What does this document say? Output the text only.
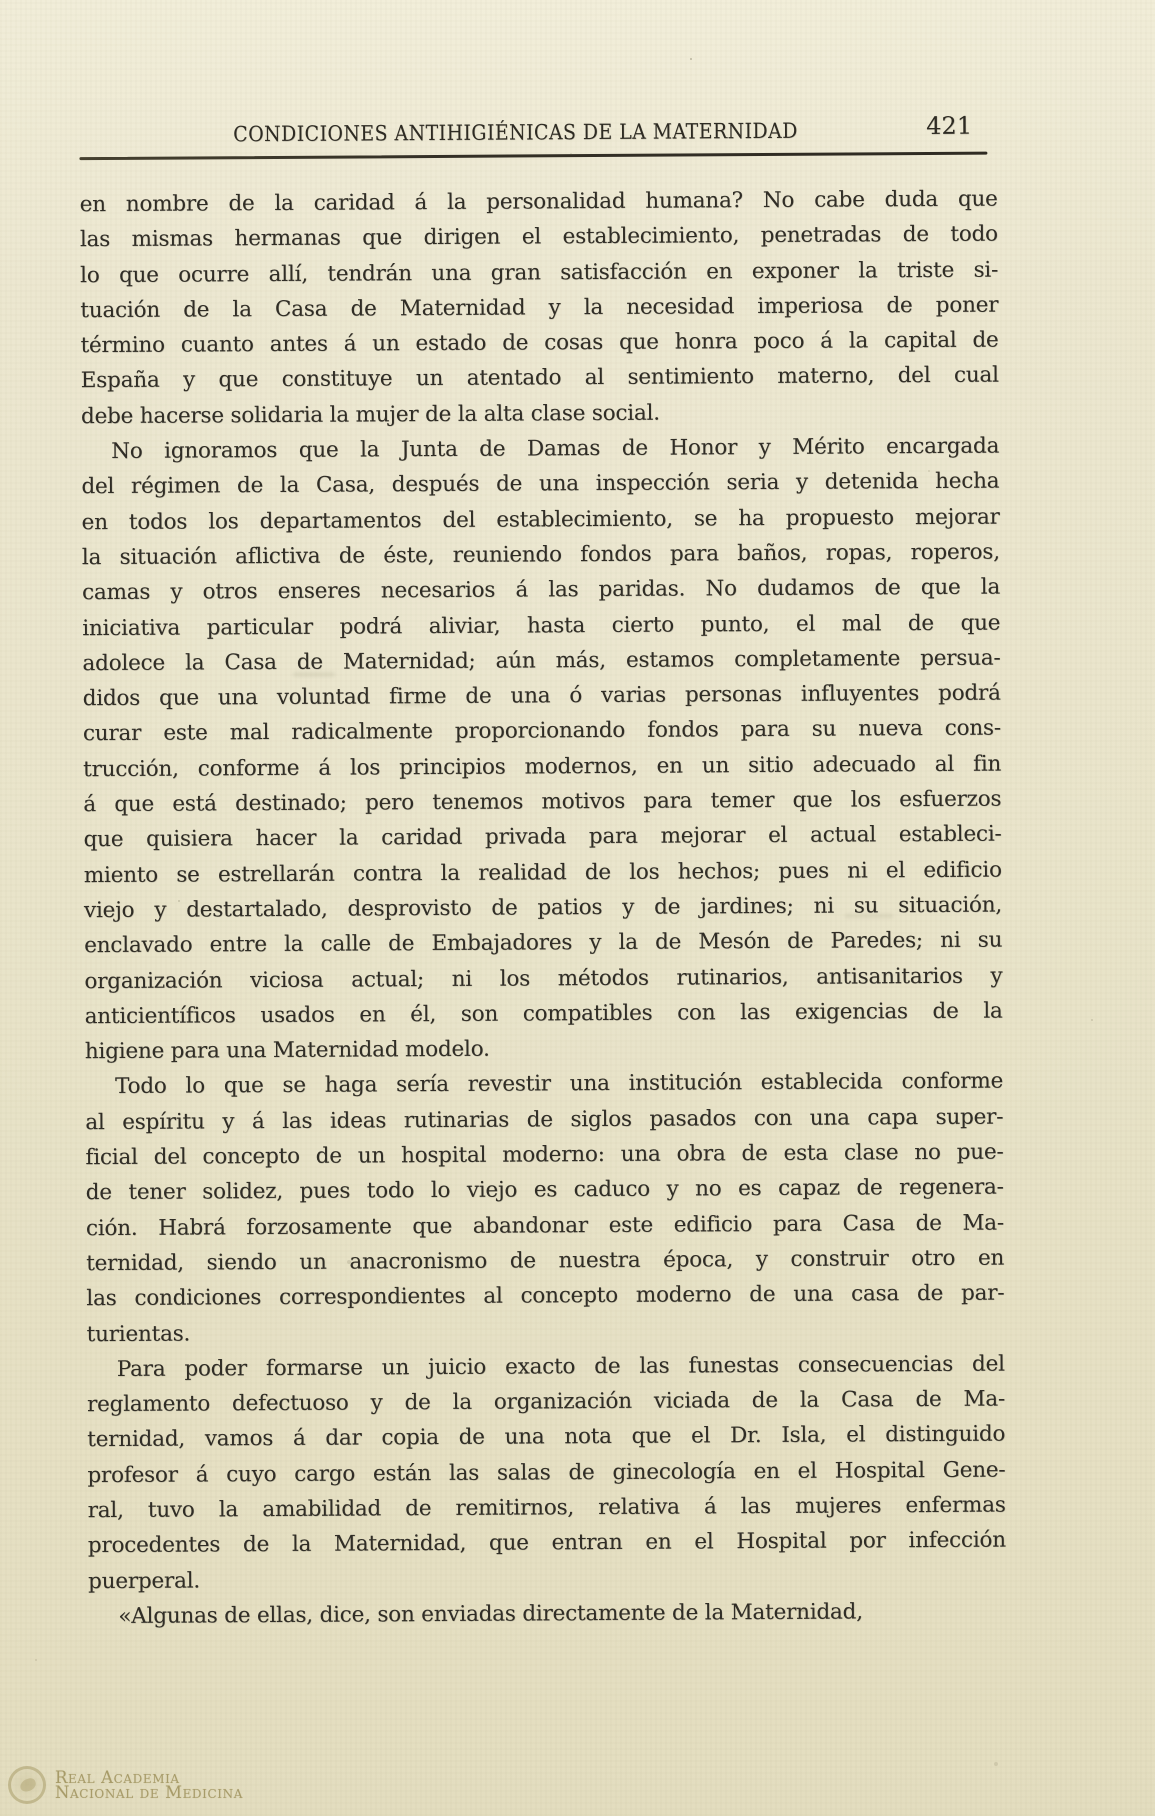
CONDICIONES ANTIHIGIÉNICAS DE LA MATERNIDAD	421
en nombre de la caridad á la personalidad humana? No cabe duda que
las mismas hermanas que dirigen el establecimiento, penetradas de todo
lo que ocurre allí, tendrán una gran satisfacción en exponer la triste si-
tuación de la Casa de Maternidad y la necesidad imperiosa de poner
término cuanto antes á un estado de cosas que honra poco á la capital de
España y que constituye un atentado al sentimiento materno, del cual
debe hacerse solidaria la mujer de la alta clase social.
No ignoramos que la Junta de Damas de Honor y Mérito encargada
del régimen de la Casa, después de una inspección seria y detenida hecha
en todos los departamentos del establecimiento, se ha propuesto mejorar
la situación aflictiva de éste, reuniendo fondos para baños, ropas, roperos,
camas y otros enseres necesarios á las paridas. No dudamos de que la
iniciativa particular podrá aliviar, hasta cierto punto, el mal de que
adolece la Casa de Maternidad; aún más, estamos completamente persua-
didos que una voluntad firme de una ó varias personas influyentes podrá
curar este mal radicalmente proporcionando fondos para su nueva cons-
trucción, conforme á los principios modernos, en un sitio adecuado al fin
á que está destinado; pero tenemos motivos para temer que los esfuerzos
que quisiera hacer la caridad privada para mejorar el actual estableci-
miento se estrellarán contra la realidad de los hechos; pues ni el edificio
viejo y destartalado, desprovisto de patios y de jardines; ni su situación,
enclavado entre la calle de Embajadores y la de Mesón de Paredes; ni su
organización viciosa actual; ni los métodos rutinarios, antisanitarios y
anticientíficos usados en él, son compatibles con las exigencias de la
higiene para una Maternidad modelo.
Todo lo que se haga sería revestir una institución establecida conforme
al espíritu y á las ideas rutinarias de siglos pasados con una capa super-
ficial del concepto de un hospital moderno: una obra de esta clase no pue-
de tener solidez, pues todo lo viejo es caduco y no es capaz de regenera-
ción. Habrá forzosamente que abandonar este edificio para Casa de Ma-
ternidad, siendo un anacronismo de nuestra época, y construir otro en
las condiciones correspondientes al concepto moderno de una casa de par-
turientas.
Para poder formarse un juicio exacto de las funestas consecuencias del
reglamento defectuoso y de la organización viciada de la Casa de Ma-
ternidad, vamos á dar copia de una nota que el Dr. Isla, el distinguido
profesor á cuyo cargo están las salas de ginecología en el Hospital Gene-
ral, tuvo la amabilidad de remitirnos, relativa á las mujeres enfermas
procedentes de la Maternidad, que entran en el Hospital por infección
puerperal.
«Algunas de ellas, dice, son enviadas directamente de la Maternidad,
Real Academia
Nacional de Medicina
